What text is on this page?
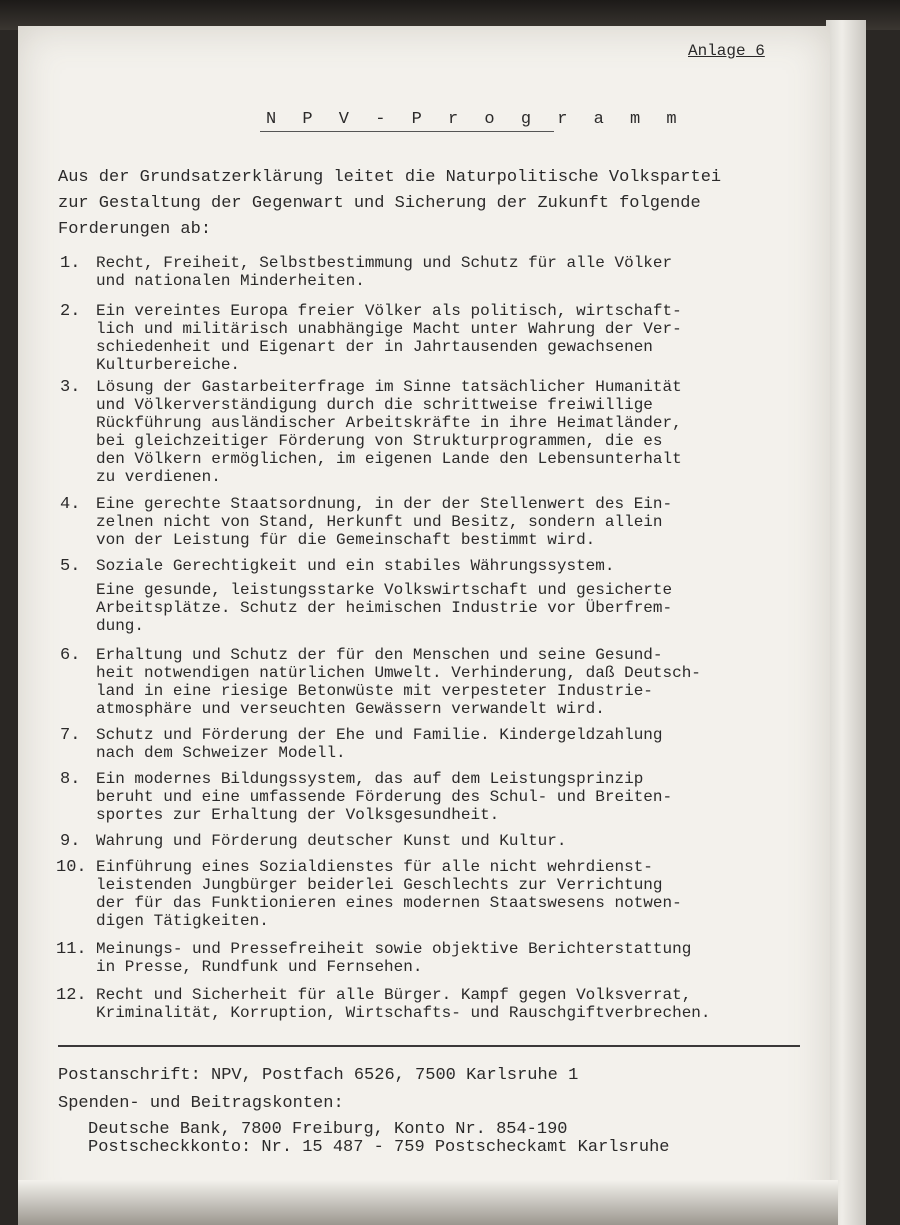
Anlage 6

N P V - P r o g r a m m

Aus der Grundsatzerklärung leitet die Naturpolitische Volkspartei

zur Gestaltung der Gegenwart und Sicherung der Zukunft folgende

Forderungen ab:

1. Recht, Freiheit, Selbstbestimmung und Schutz für alle Völker

und nationalen Minderheiten.

2. Ein vereintes Europa freier Völker als politisch, wirtschaft-

lich und militärisch unabhängige Macht unter Wahrung der Ver-

schiedenheit und Eigenart der in Jahrtausenden gewachsenen

Kulturbereiche.

3. Lösung der Gastarbeiterfrage im Sinne tatsächlicher Humanität

und Völkerverständigung durch die schrittweise freiwillige

Rückführung ausländischer Arbeitskräfte in ihre Heimatländer,

bei gleichzeitiger Förderung von Strukturprogrammen, die es

den Völkern ermöglichen, im eigenen Lande den Lebensunterhalt

zu verdienen.

4. Eine gerechte Staatsordnung, in der der Stellenwert des Ein-

zelnen nicht von Stand, Herkunft und Besitz, sondern allein

von der Leistung für die Gemeinschaft bestimmt wird.

5. Soziale Gerechtigkeit und ein stabiles Währungssystem.

Eine gesunde, leistungsstarke Volkswirtschaft und gesicherte

Arbeitsplätze. Schutz der heimischen Industrie vor Überfrem-

dung.

6. Erhaltung und Schutz der für den Menschen und seine Gesund-

heit notwendigen natürlichen Umwelt. Verhinderung, daß Deutsch-

land in eine riesige Betonwüste mit verpesteter Industrie-

atmosphäre und verseuchten Gewässern verwandelt wird.

7. Schutz und Förderung der Ehe und Familie. Kindergeldzahlung

nach dem Schweizer Modell.

8. Ein modernes Bildungssystem, das auf dem Leistungsprinzip

beruht und eine umfassende Förderung des Schul- und Breiten-

sportes zur Erhaltung der Volksgesundheit.

9. Wahrung und Förderung deutscher Kunst und Kultur.

10. Einführung eines Sozialdienstes für alle nicht wehrdienst-

leistenden Jungbürger beiderlei Geschlechts zur Verrichtung

der für das Funktionieren eines modernen Staatswesens notwen-

digen Tätigkeiten.

11. Meinungs- und Pressefreiheit sowie objektive Berichterstattung

in Presse, Rundfunk und Fernsehen.

12. Recht und Sicherheit für alle Bürger. Kampf gegen Volksverrat,

Kriminalität, Korruption, Wirtschafts- und Rauschgiftverbrechen.

Postanschrift: NPV, Postfach 6526, 7500 Karlsruhe 1

Spenden- und Beitragskonten:

Deutsche Bank, 7800 Freiburg, Konto Nr. 854-190

Postscheckkonto: Nr. 15 487 - 759 Postscheckamt Karlsruhe
